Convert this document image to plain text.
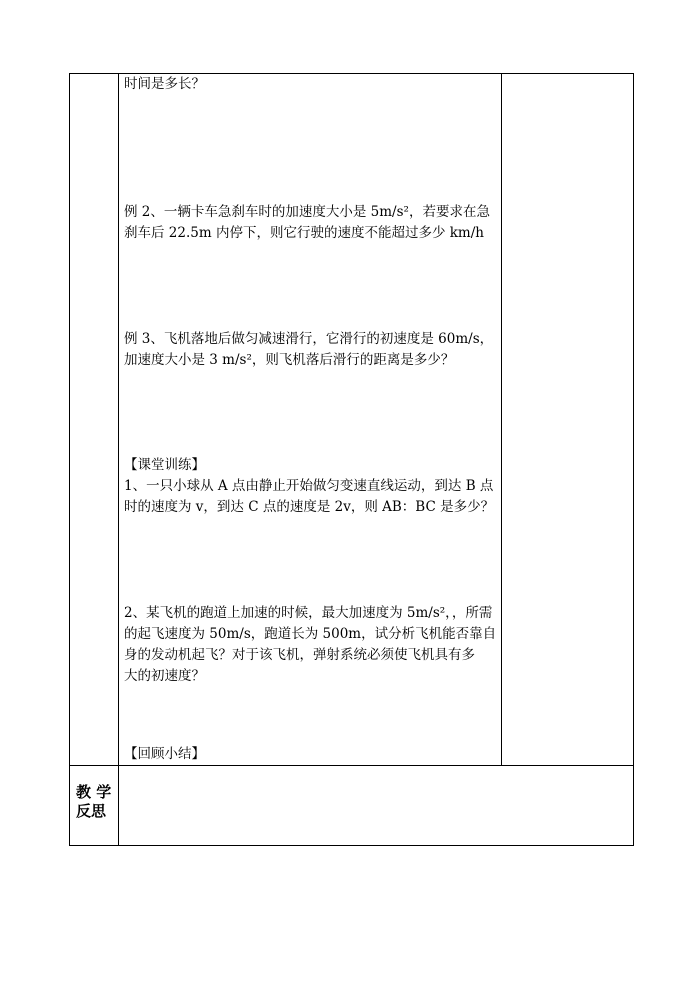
时间是多长？
例 2、一辆卡车急刹车时的加速度大小是 5m/s²，若要求在急
刹车后 22.5m 内停下，则它行驶的速度不能超过多少 km/h
例 3、飞机落地后做匀减速滑行，它滑行的初速度是 60m/s，
加速度大小是 3 m/s²，则飞机落后滑行的距离是多少？
【课堂训练】
1、一只小球从 A 点由静止开始做匀变速直线运动，到达 B 点
时的速度为 v，到达 C 点的速度是 2v，则 AB：BC 是多少？
2、某飞机的跑道上加速的时候，最大加速度为 5m/s²，，所需
的起飞速度为 50m/s，跑道长为 500m，试分析飞机能否靠自
身的发动机起飞？对于该飞机，弹射系统必须使飞机具有多
大的初速度？
【回顾小结】
教 学
反思
